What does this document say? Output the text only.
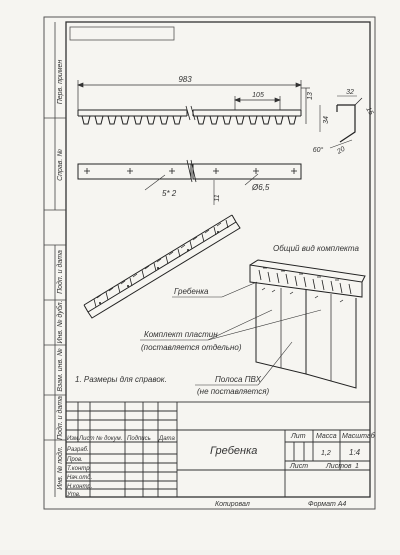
Перв. примен
Справ. №
Подп. и дата
Инв. № дубл.
Взам. инв. №
Подп. и дата
Инв. № подл.
983
105	13	32
34
15
60° 20
5* 2
Ø6,5
11
Общий вид комплекта
Гребенка
Комплект пластин
(поставляется отдельно)
Полоса ПВХ
(не поставляется)
1. Размеры для справок.
Изм Лист № докум. Подпись Дата
Разраб.
Пров.
Т.контр.
Нач.отд.
Н.контр.
Утв.
Гребенка
Лит Масса Масштаб
1,2 1:4
Лист	Листов 1
Копировал	Формат А4
